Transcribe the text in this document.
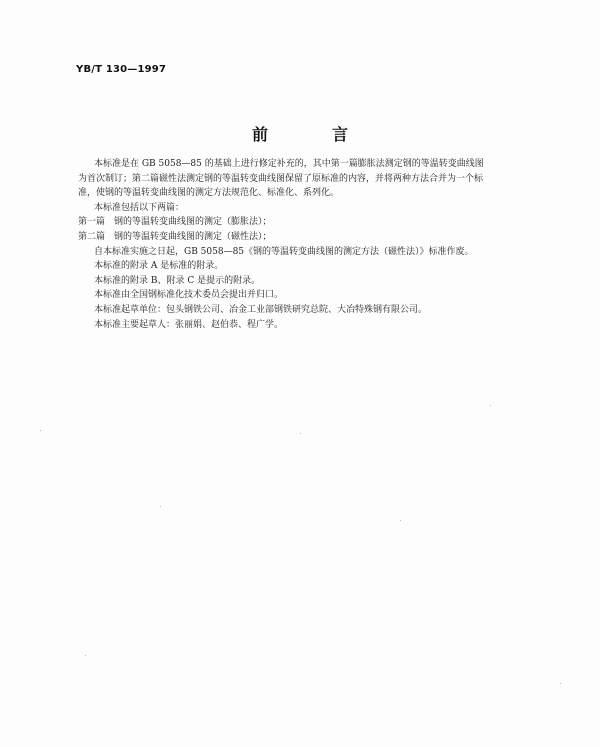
YB/T 130—1997
前　言

本标准是在 GB 5058—85 的基础上进行修定补充的，其中第一篇膨胀法测定钢的等温转变曲线图

为首次制订；第二篇磁性法测定钢的等温转变曲线图保留了原标准的内容，并将两种方法合并为一个标

准，使钢的等温转变曲线图的测定方法规范化、标准化、系列化。

本标准包括以下两篇：

第一篇　钢的等温转变曲线图的测定（膨胀法）；

第二篇　钢的等温转变曲线图的测定（磁性法）；

自本标准实施之日起，GB 5058—85《钢的等温转变曲线图的测定方法（磁性法）》标准作废。

本标准的附录 A 是标准的附录。

本标准的附录 B、附录 C 是提示的附录。

本标准由全国钢标准化技术委员会提出并归口。

本标准起草单位：包头钢铁公司、冶金工业部钢铁研究总院、大冶特殊钢有限公司。

本标准主要起草人：张丽娟、赵伯恭、程广学。
